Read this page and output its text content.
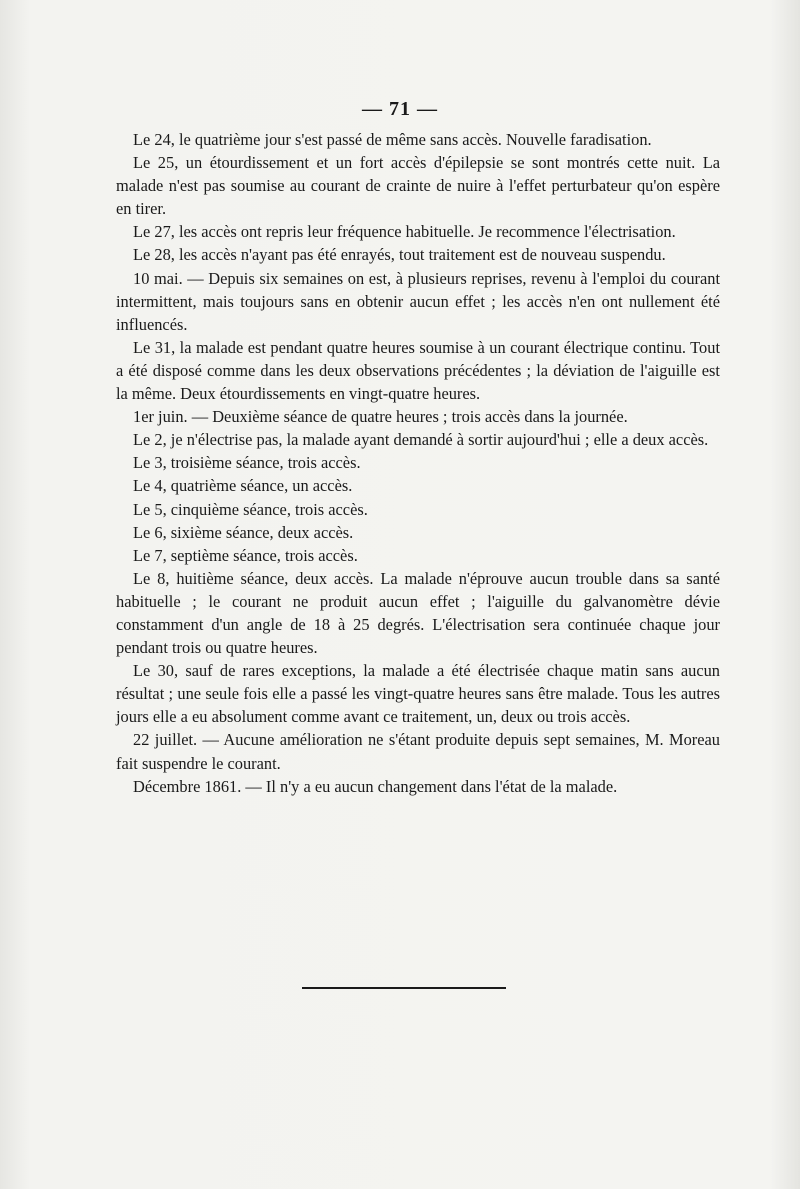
— 71 —

Le 24, le quatrième jour s'est passé de même sans accès. Nouvelle faradisation.

Le 25, un étourdissement et un fort accès d'épilepsie se sont montrés cette nuit. La malade n'est pas soumise au courant de crainte de nuire à l'effet perturbateur qu'on espère en tirer.

Le 27, les accès ont repris leur fréquence habituelle. Je recommence l'électrisation.

Le 28, les accès n'ayant pas été enrayés, tout traitement est de nouveau suspendu.

10 mai. — Depuis six semaines on est, à plusieurs reprises, revenu à l'emploi du courant intermittent, mais toujours sans en obtenir aucun effet ; les accès n'en ont nullement été influencés.

Le 31, la malade est pendant quatre heures soumise à un courant électrique continu. Tout a été disposé comme dans les deux observations précédentes ; la déviation de l'aiguille est la même. Deux étourdissements en vingt-quatre heures.

1er juin. — Deuxième séance de quatre heures ; trois accès dans la journée.

Le 2, je n'électrise pas, la malade ayant demandé à sortir aujourd'hui ; elle a deux accès.

Le 3, troisième séance, trois accès.

Le 4, quatrième séance, un accès.

Le 5, cinquième séance, trois accès.

Le 6, sixième séance, deux accès.

Le 7, septième séance, trois accès.

Le 8, huitième séance, deux accès. La malade n'éprouve aucun trouble dans sa santé habituelle ; le courant ne produit aucun effet ; l'aiguille du galvanomètre dévie constamment d'un angle de 18 à 25 degrés. L'électrisation sera continuée chaque jour pendant trois ou quatre heures.

Le 30, sauf de rares exceptions, la malade a été électrisée chaque matin sans aucun résultat ; une seule fois elle a passé les vingt-quatre heures sans être malade. Tous les autres jours elle a eu absolument comme avant ce traitement, un, deux ou trois accès.

22 juillet. — Aucune amélioration ne s'étant produite depuis sept semaines, M. Moreau fait suspendre le courant.

Décembre 1861. — Il n'y a eu aucun changement dans l'état de la malade.
